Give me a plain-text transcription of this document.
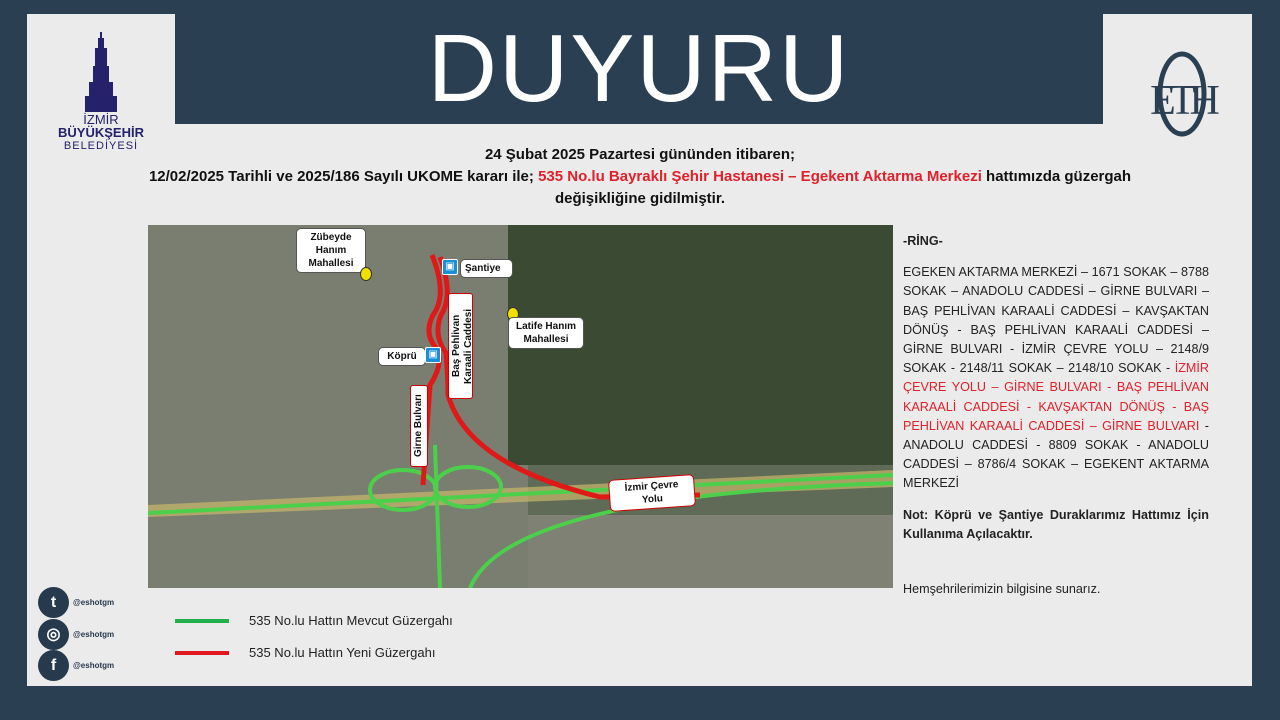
İZMİR
BÜYÜKŞEHİR
BELEDİYESİ
DUYURU	ETH
24 Şubat 2025 Pazartesi gününden itibaren;
12/02/2025 Tarihli ve 2025/186 Sayılı UKOME kararı ile; 535 No.lu Bayraklı Şehir Hastanesi – Egekent Aktarma Merkezi hattımızda güzergah
değişikliğine gidilmiştir.
Zübeyde Hanım Mahallesi	▣	Şantiye
Latife Hanım Mahallesi
Köprü	▣	Baş Pehlivan Karaali Caddesi
Girne Bulvarı
İzmir Çevre Yolu
-RİNG-
EGEKEN AKTARMA MERKEZİ – 1671 SOKAK – 8788 SOKAK – ANADOLU CADDESİ – GİRNE BULVARI – BAŞ PEHLİVAN KARAALİ CADDESİ – KAVŞAKTAN DÖNÜŞ - BAŞ PEHLİVAN KARAALİ CADDESİ – GİRNE BULVARI - İZMİR ÇEVRE YOLU – 2148/9 SOKAK - 2148/11 SOKAK – 2148/10 SOKAK - İZMİR ÇEVRE YOLU – GİRNE BULVARI - BAŞ PEHLİVAN KARAALİ CADDESİ - KAVŞAKTAN DÖNÜŞ - BAŞ PEHLİVAN KARAALİ CADDESİ – GİRNE BULVARI - ANADOLU CADDESİ - 8809 SOKAK - ANADOLU CADDESİ – 8786/4 SOKAK – EGEKENT AKTARMA MERKEZİ
Not: Köprü ve Şantiye Duraklarımız Hattımız İçin Kullanıma Açılacaktır.
Hemşehrilerimizin bilgisine sunarız.
t	@eshotgm
◎	@eshotgm
f	@eshotgm
535 No.lu Hattın Mevcut Güzergahı
535 No.lu Hattın Yeni Güzergahı
